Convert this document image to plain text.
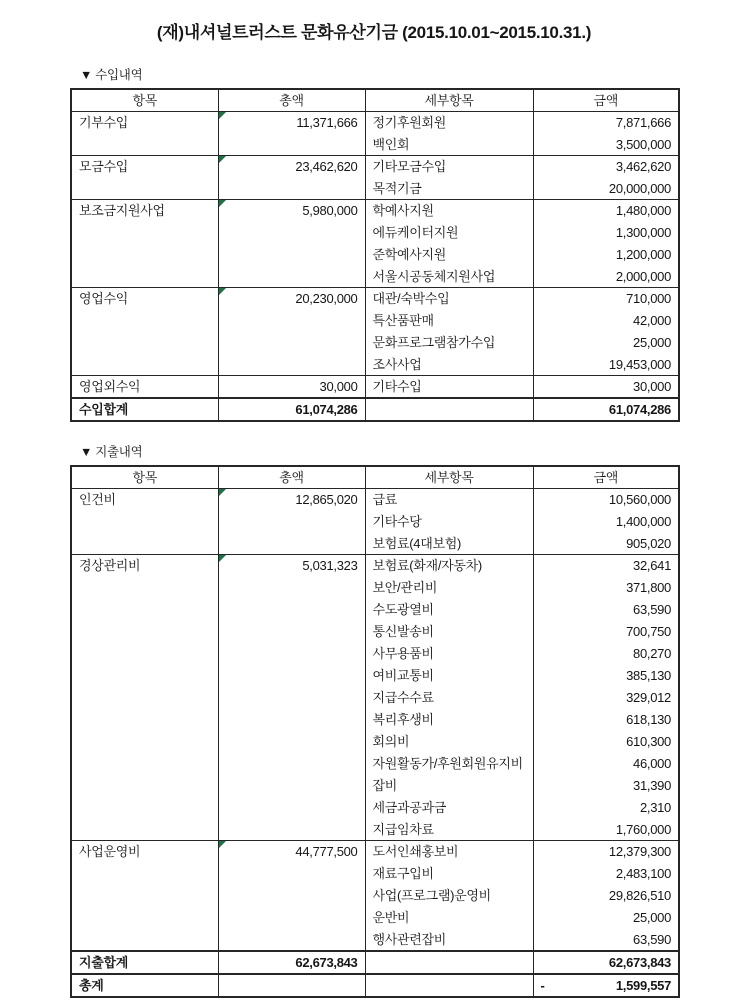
(재)내셔널트러스트 문화유산기금 (2015.10.01~2015.10.31.)
▼ 수입내역
항목	총액	세부항목	금액
기부수입	11,371,666	정기후원회원	7,871,666
		백인회	3,500,000
모금수입	23,462,620	기타모금수입	3,462,620
		목적기금	20,000,000
보조금지원사업	5,980,000	학예사지원	1,480,000
		에듀케이터지원	1,300,000
		준학예사지원	1,200,000
		서울시공동체지원사업	2,000,000
영업수익	20,230,000	대관/숙박수입	710,000
		특산품판매	42,000
		문화프로그램참가수입	25,000
		조사사업	19,453,000
영업외수익	30,000	기타수입	30,000
수입합계	61,074,286		61,074,286
▼ 지출내역
항목	총액	세부항목	금액
인건비	12,865,020	급료	10,560,000
		기타수당	1,400,000
		보험료(4대보험)	905,020
경상관리비	5,031,323	보험료(화재/자동차)	32,641
		보안/관리비	371,800
		수도광열비	63,590
		통신발송비	700,750
		사무용품비	80,270
		여비교통비	385,130
		지급수수료	329,012
		복리후생비	618,130
		회의비	610,300
		자원활동가/후원회원유지비	46,000
		잡비	31,390
		세금과공과금	2,310
		지급임차료	1,760,000
사업운영비	44,777,500	도서인쇄홍보비	12,379,300
		재료구입비	2,483,100
		사업(프로그램)운영비	29,826,510
		운반비	25,000
		행사관련잡비	63,590
지출합계	62,673,843		62,673,843
총계			- 1,599,557
